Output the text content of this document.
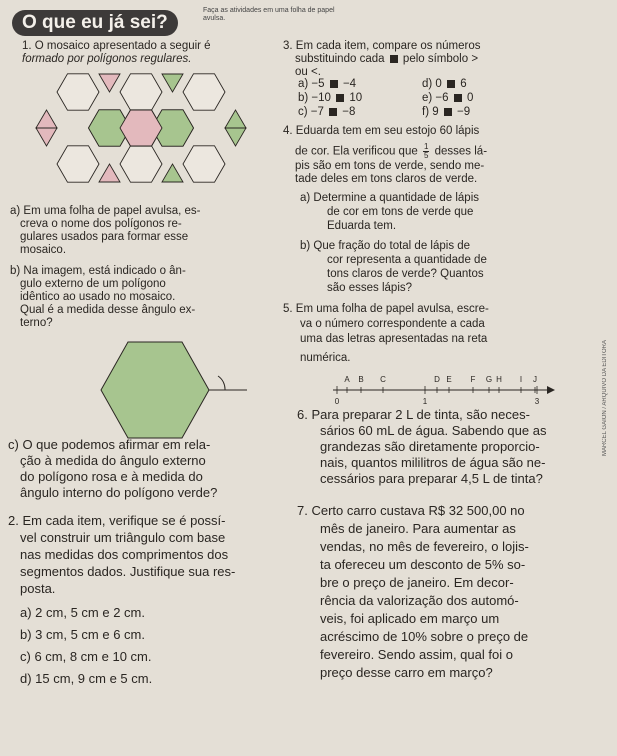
O que eu já sei?
Faça as atividades em uma folha de papel avulsa.
1. O mosaico apresentado a seguir é
formado por polígonos regulares.
a) Em uma folha de papel avulsa, es-
creva o nome dos polígonos re-
gulares usados para formar esse
mosaico.
b) Na imagem, está indicado o ân-
gulo externo de um polígono
idêntico ao usado no mosaico.
Qual é a medida desse ângulo ex-
terno?
c) O que podemos afirmar em rela-
ção à medida do ângulo externo
do polígono rosa e à medida do
ângulo interno do polígono verde?
2. Em cada item, verifique se é possí-
vel construir um triângulo com base
nas medidas dos comprimentos dos
segmentos dados. Justifique sua res-
posta.
a) 2 cm, 5 cm e 2 cm.
b) 3 cm, 5 cm e 6 cm.
c) 6 cm, 8 cm e 10 cm.
d) 15 cm, 9 cm e 5 cm.
3. Em cada item, compare os números
substituindo cada pelo símbolo >
ou <.
a) −5 −4
b) −10 10
c) −7 −8
d) 0 6
e) −6 0
f) 9 −9
4. Eduarda tem em seu estojo 60 lápis
de cor. Ela verificou que $\frac{1}{5}$ desses lá-
pis são em tons de verde, sendo me-
tade deles em tons claros de verde.
a) Determine a quantidade de lápis
de cor em tons de verde que
Eduarda tem.
b) Que fração do total de lápis de
cor representa a quantidade de
tons claros de verde? Quantos
são esses lápis?
5. Em uma folha de papel avulsa, escre-
va o número correspondente a cada
uma das letras apresentadas na reta
numérica.
A B C	D E F G H I J
0	1	3
6. Para preparar 2 L de tinta, são neces-
sários 60 mL de água. Sabendo que as
grandezas são diretamente proporcio-
nais, quantos mililitros de água são ne-
cessários para preparar 4,5 L de tinta?
7. Certo carro custava R$ 32 500,00 no
mês de janeiro. Para aumentar as
vendas, no mês de fevereiro, o lojis-
ta ofereceu um desconto de 5% so-
bre o preço de janeiro. Em decor-
rência da valorização dos automó-
veis, foi aplicado em março um
acréscimo de 10% sobre o preço de
fevereiro. Sendo assim, qual foi o
preço desse carro em março?
MARCEL GAION / ARQUIVO DA EDITORA
